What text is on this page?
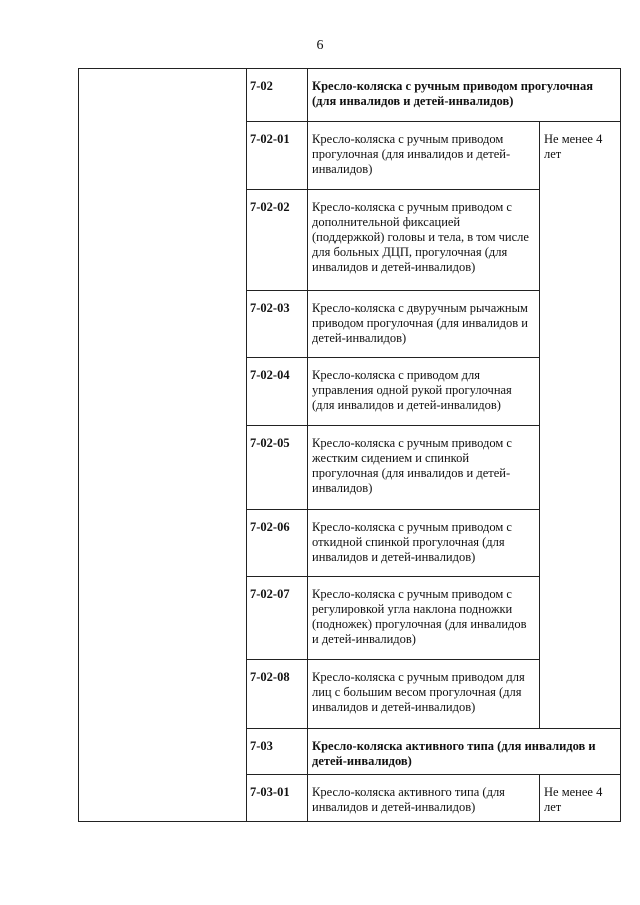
6
	7-02	Кресло-коляска с ручным приводом прогулочная (для инвалидов и детей-инвалидов)	
	7-02-01	Кресло-коляска с ручным приводом прогулочная (для инвалидов и детей-инвалидов)	Не менее 4 лет
	7-02-02	Кресло-коляска с ручным приводом с дополнительной фиксацией (поддержкой) головы и тела, в том числе для больных ДЦП, прогулочная (для инвалидов и детей-инвалидов)	
	7-02-03	Кресло-коляска с двуручным рычажным приводом прогулочная (для инвалидов и детей-инвалидов)	
	7-02-04	Кресло-коляска с приводом для управления одной рукой прогулочная (для инвалидов и детей-инвалидов)	
	7-02-05	Кресло-коляска с ручным приводом с жестким сидением и спинкой прогулочная (для инвалидов и детей-инвалидов)	
	7-02-06	Кресло-коляска с ручным приводом с откидной спинкой прогулочная (для инвалидов и детей-инвалидов)	
	7-02-07	Кресло-коляска с ручным приводом с регулировкой угла наклона подножки (подножек) прогулочная (для инвалидов и детей-инвалидов)	
	7-02-08	Кресло-коляска с ручным приводом для лиц с большим весом прогулочная (для инвалидов и детей-инвалидов)	
	7-03	Кресло-коляска активного типа (для инвалидов и детей-инвалидов)	
	7-03-01	Кресло-коляска активного типа (для инвалидов и детей-инвалидов)	Не менее 4 лет
